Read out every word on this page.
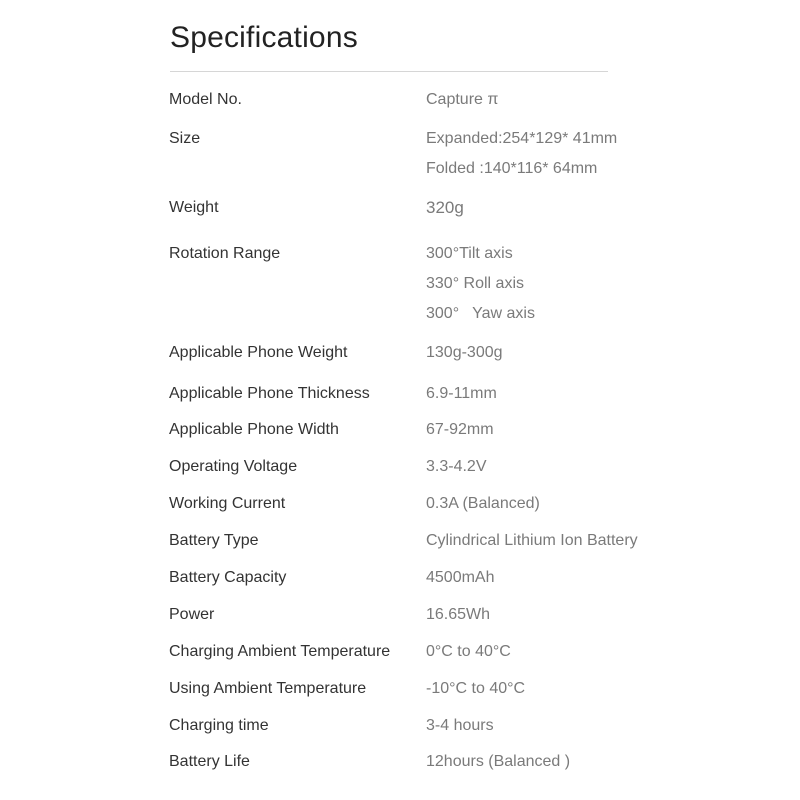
Specifications
Model No.	Capture π
Size	Expanded:254*129* 41mm
Folded :140*116* 64mm
Weight	320g
Rotation Range	300°Tilt axis
330° Roll axis
300°   Yaw axis
Applicable Phone Weight	130g-300g
Applicable Phone Thickness	6.9-11mm
Applicable Phone Width	67-92mm
Operating Voltage	3.3-4.2V
Working Current	0.3A (Balanced)
Battery Type	Cylindrical Lithium Ion Battery
Battery Capacity	4500mAh
Power	16.65Wh
Charging Ambient Temperature 0°C to 40°C
Using Ambient Temperature	-10°C to 40°C
Charging time	3-4 hours
Battery Life	12hours (Balanced )
